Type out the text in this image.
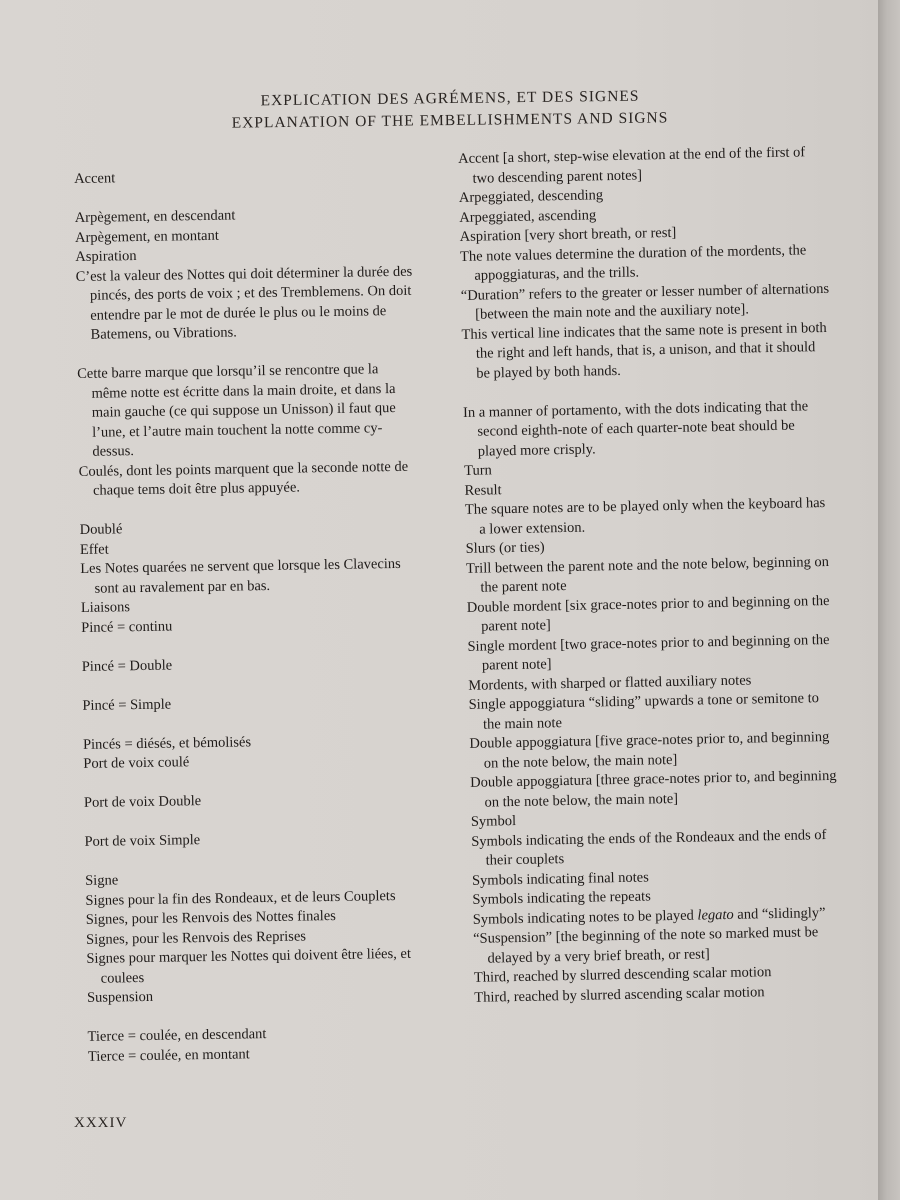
EXPLICATION DES AGRÉMENS, ET DES SIGNES
EXPLANATION OF THE EMBELLISHMENTS AND SIGNS
Accent
Arpègement, en descendant
Arpègement, en montant
Aspiration
C’est la valeur des Nottes qui doit déterminer la durée des pincés, des ports de voix ; et des Tremblemens. On doit entendre par le mot de durée le plus ou le moins de Batemens, ou Vibrations.
Cette barre marque que lorsqu’il se rencontre que la même notte est écritte dans la main droite, et dans la main gauche (ce qui suppose un Unisson) il faut que l’une, et l’autre main touchent la notte comme cy-dessus.
Coulés, dont les points marquent que la seconde notte de chaque tems doit être plus appuyée.
Doublé
Effet
Les Notes quarées ne servent que lorsque les Clavecins sont au ravalement par en bas.
Liaisons
Pincé = continu
Pincé = Double
Pincé = Simple
Pincés = diésés, et bémolisés
Port de voix coulé
Port de voix Double
Port de voix Simple
Signe
Signes pour la fin des Rondeaux, et de leurs Couplets
Signes, pour les Renvois des Nottes finales
Signes, pour les Renvois des Reprises
Signes pour marquer les Nottes qui doivent être liées, et coulees
Suspension
Tierce = coulée, en descendant
Tierce = coulée, en montant
Accent [a short, step-wise elevation at the end of the first of two descending parent notes]
Arpeggiated, descending
Arpeggiated, ascending
Aspiration [very short breath, or rest]
The note values determine the duration of the mordents, the appoggiaturas, and the trills.
“Duration” refers to the greater or lesser number of alternations [between the main note and the auxiliary note].
This vertical line indicates that the same note is present in both the right and left hands, that is, a unison, and that it should be played by both hands.
In a manner of portamento, with the dots indicating that the second eighth-note of each quarter-note beat should be played more crisply.
Turn
Result
The square notes are to be played only when the keyboard has a lower extension.
Slurs (or ties)
Trill between the parent note and the note below, beginning on the parent note
Double mordent [six grace-notes prior to and beginning on the parent note]
Single mordent [two grace-notes prior to and beginning on the parent note]
Mordents, with sharped or flatted auxiliary notes
Single appoggiatura “sliding” upwards a tone or semitone to the main note
Double appoggiatura [five grace-notes prior to, and beginning on the note below, the main note]
Double appoggiatura [three grace-notes prior to, and beginning on the note below, the main note]
Symbol
Symbols indicating the ends of the Rondeaux and the ends of their couplets
Symbols indicating final notes
Symbols indicating the repeats
Symbols indicating notes to be played legato and “slidingly”
“Suspension” [the beginning of the note so marked must be delayed by a very brief breath, or rest]
Third, reached by slurred descending scalar motion
Third, reached by slurred ascending scalar motion
XXXIV
